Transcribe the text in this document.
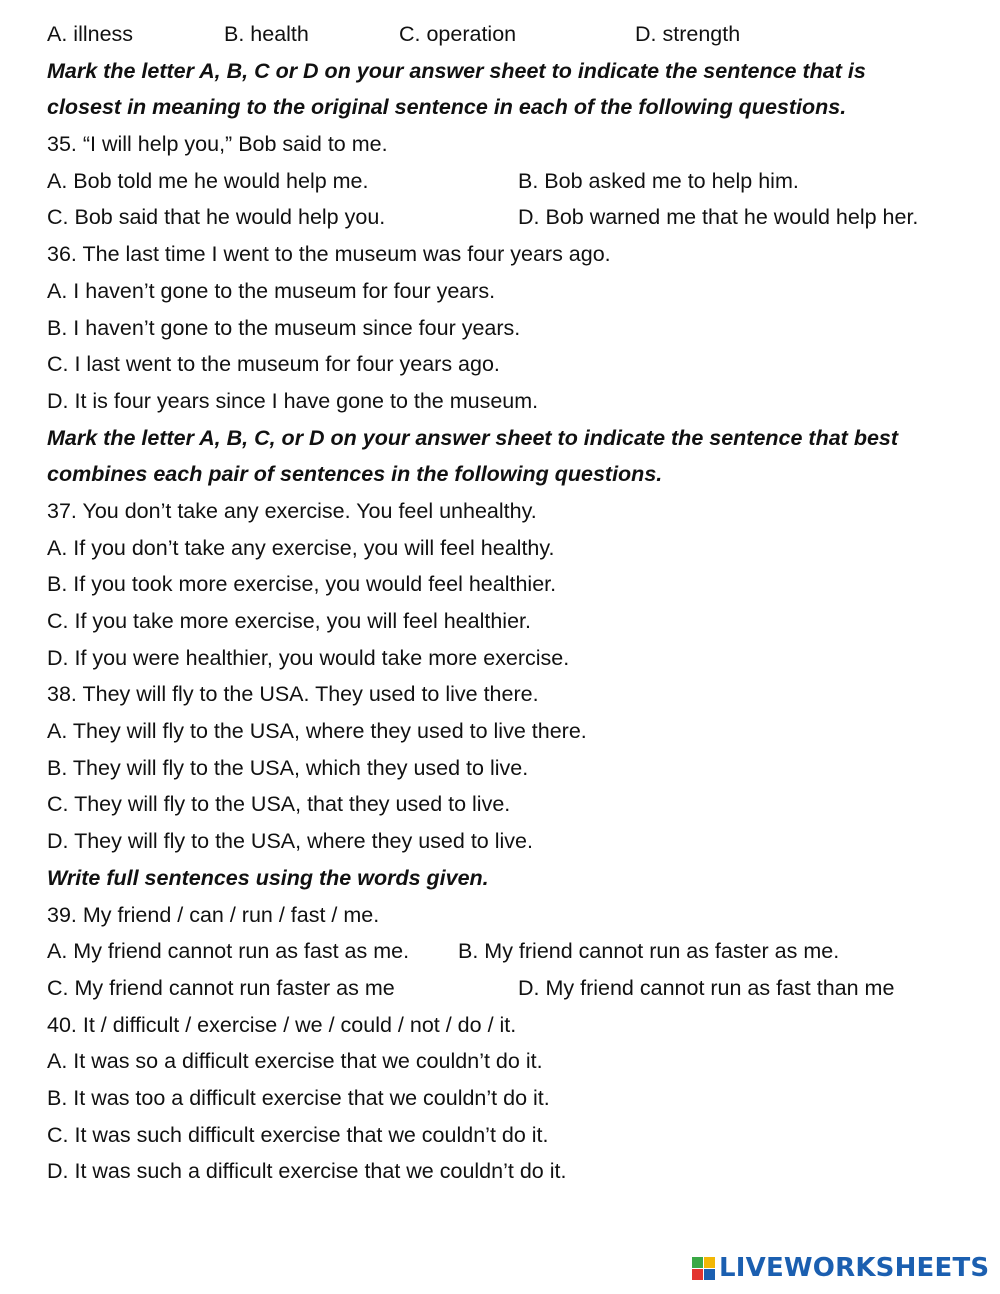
A. illness	B. health	C. operation	D. strength
Mark the letter A, B, C or D on your answer sheet to indicate the sentence that is
closest in meaning to the original sentence in each of the following questions.
35. “I will help you,” Bob said to me.
A. Bob told me he would help me.	B. Bob asked me to help him.
C. Bob said that he would help you.	D. Bob warned me that he would help her.
36. The last time I went to the museum was four years ago.
A. I haven’t gone to the museum for four years.
B. I haven’t gone to the museum since four years.
C. I last went to the museum for four years ago.
D. It is four years since I have gone to the museum.
Mark the letter A, B, C, or D on your answer sheet to indicate the sentence that best
combines each pair of sentences in the following questions.
37. You don’t take any exercise. You feel unhealthy.
A. If you don’t take any exercise, you will feel healthy.
B. If you took more exercise, you would feel healthier.
C. If you take more exercise, you will feel healthier.
D. If you were healthier, you would take more exercise.
38. They will fly to the USA. They used to live there.
A. They will fly to the USA, where they used to live there.
B. They will fly to the USA, which they used to live.
C. They will fly to the USA, that they used to live.
D. They will fly to the USA, where they used to live.
Write full sentences using the words given.
39. My friend / can / run / fast / me.
A. My friend cannot run as fast as me. B. My friend cannot run as faster as me.
C. My friend cannot run faster as me	D. My friend cannot run as fast than me
40. It / difficult / exercise / we / could / not / do / it.
A. It was so a difficult exercise that we couldn’t do it.
B. It was too a difficult exercise that we couldn’t do it.
C. It was such difficult exercise that we couldn’t do it.
D. It was such a difficult exercise that we couldn’t do it.
LIVEWORKSHEETS
